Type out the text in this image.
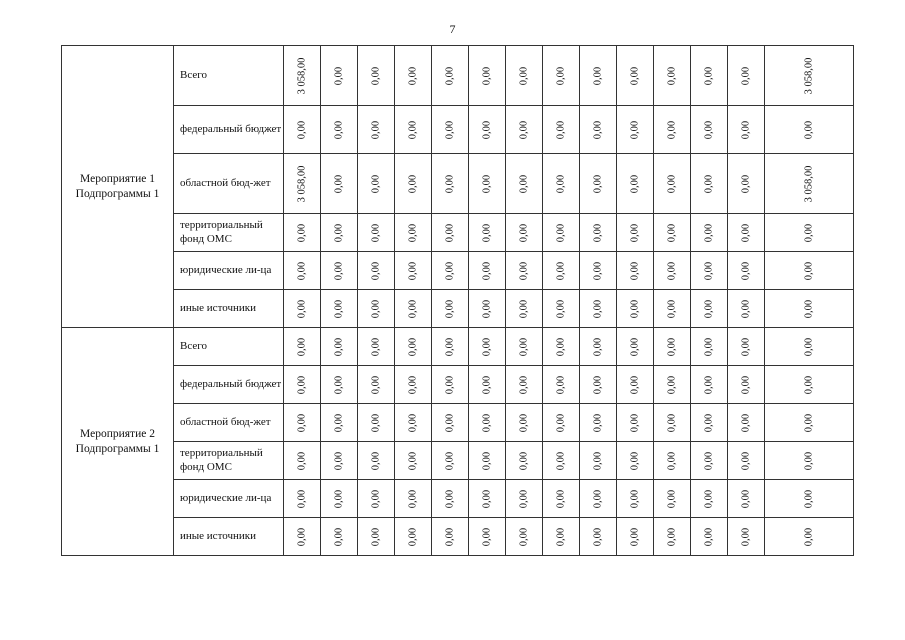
7
Мероприятие 1 Подпрограммы 1	Всего	3 058,00	0,00	0,00	0,00	0,00	0,00	0,00	0,00	0,00	0,00	0,00	0,00	0,00	3 058,00

	федеральный бюджет	0,00	0,00	0,00	0,00	0,00	0,00	0,00	0,00	0,00	0,00	0,00	0,00	0,00	0,00

	областной бюд-жет	3 058,00	0,00	0,00	0,00	0,00	0,00	0,00	0,00	0,00	0,00	0,00	0,00	0,00	3 058,00

	территориальный фонд ОМС	0,00	0,00	0,00	0,00	0,00	0,00	0,00	0,00	0,00	0,00	0,00	0,00	0,00	0,00

	юридические ли-ца	0,00	0,00	0,00	0,00	0,00	0,00	0,00	0,00	0,00	0,00	0,00	0,00	0,00	0,00

	иные источники	0,00	0,00	0,00	0,00	0,00	0,00	0,00	0,00	0,00	0,00	0,00	0,00	0,00	0,00

Мероприятие 2 Подпрограммы 1	Всего	0,00	0,00	0,00	0,00	0,00	0,00	0,00	0,00	0,00	0,00	0,00	0,00	0,00	0,00

	федеральный бюджет	0,00	0,00	0,00	0,00	0,00	0,00	0,00	0,00	0,00	0,00	0,00	0,00	0,00	0,00

	областной бюд-жет	0,00	0,00	0,00	0,00	0,00	0,00	0,00	0,00	0,00	0,00	0,00	0,00	0,00	0,00

	территориальный фонд ОМС	0,00	0,00	0,00	0,00	0,00	0,00	0,00	0,00	0,00	0,00	0,00	0,00	0,00	0,00

	юридические ли-ца	0,00	0,00	0,00	0,00	0,00	0,00	0,00	0,00	0,00	0,00	0,00	0,00	0,00	0,00

	иные источники	0,00	0,00	0,00	0,00	0,00	0,00	0,00	0,00	0,00	0,00	0,00	0,00	0,00	0,00
